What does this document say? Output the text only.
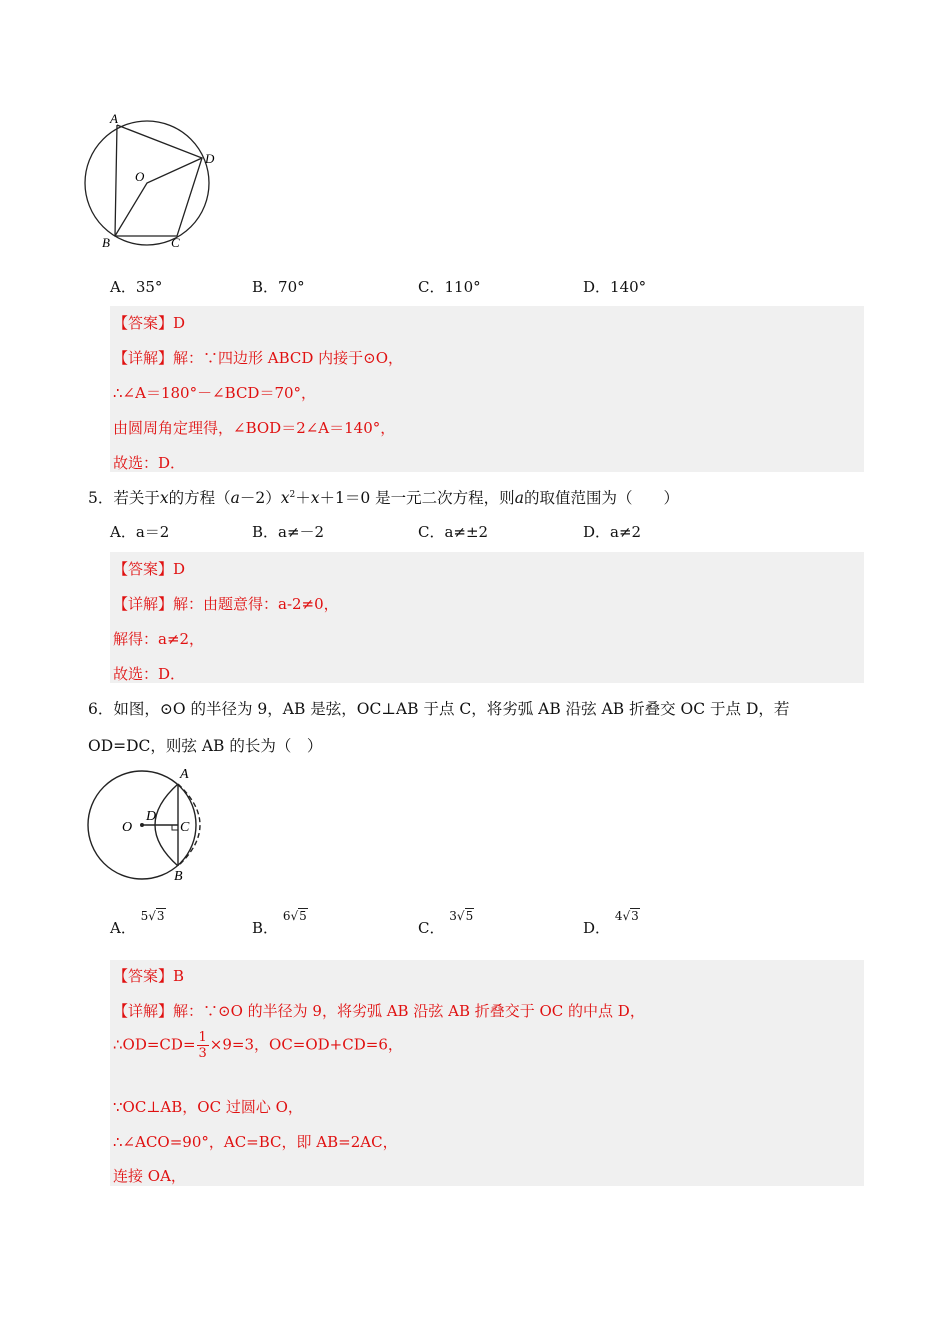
A
D
O
B	C
A．35°	B．70°	C．110°	D．140°
【答案】D
【详解】解：∵四边形 ABCD 内接于⊙O，
∴∠A＝180°－∠BCD＝70°，
由圆周角定理得，∠BOD＝2∠A＝140°，
故选：D．
5．若关于x的方程$(a-2)x^2+x+1=0$ 是一元二次方程，则a的取值范围为（　　）
A．a＝2	B．a≠－2	C．a≠±2	D．a≠2
【答案】D
【详解】解：由题意得：a-2≠0，
解得：a≠2，
故选：D．
6．如图，⊙O 的半径为 9，AB 是弦，OC⊥AB 于点 C，将劣弧 AB 沿弦 AB 折叠交 OC 于点 D，若
OD=DC，则弦 AB 的长为（　）
A
D
O	C
B
A． $^{5√3}$
B． $^{6√5}$
C． $^{3√5}$
D． $^{4√3}$
【答案】B
【详解】解：∵⊙O 的半径为 9，将劣弧 AB 沿弦 AB 折叠交于 OC 的中点 D，
∴OD=CD= $\frac{1}{3} \times 9=3$，OC=OD+CD=6，
∵OC⊥AB，OC 过圆心 O，
∴∠ACO=90°，AC=BC，即 AB=2AC，
连接 OA，
